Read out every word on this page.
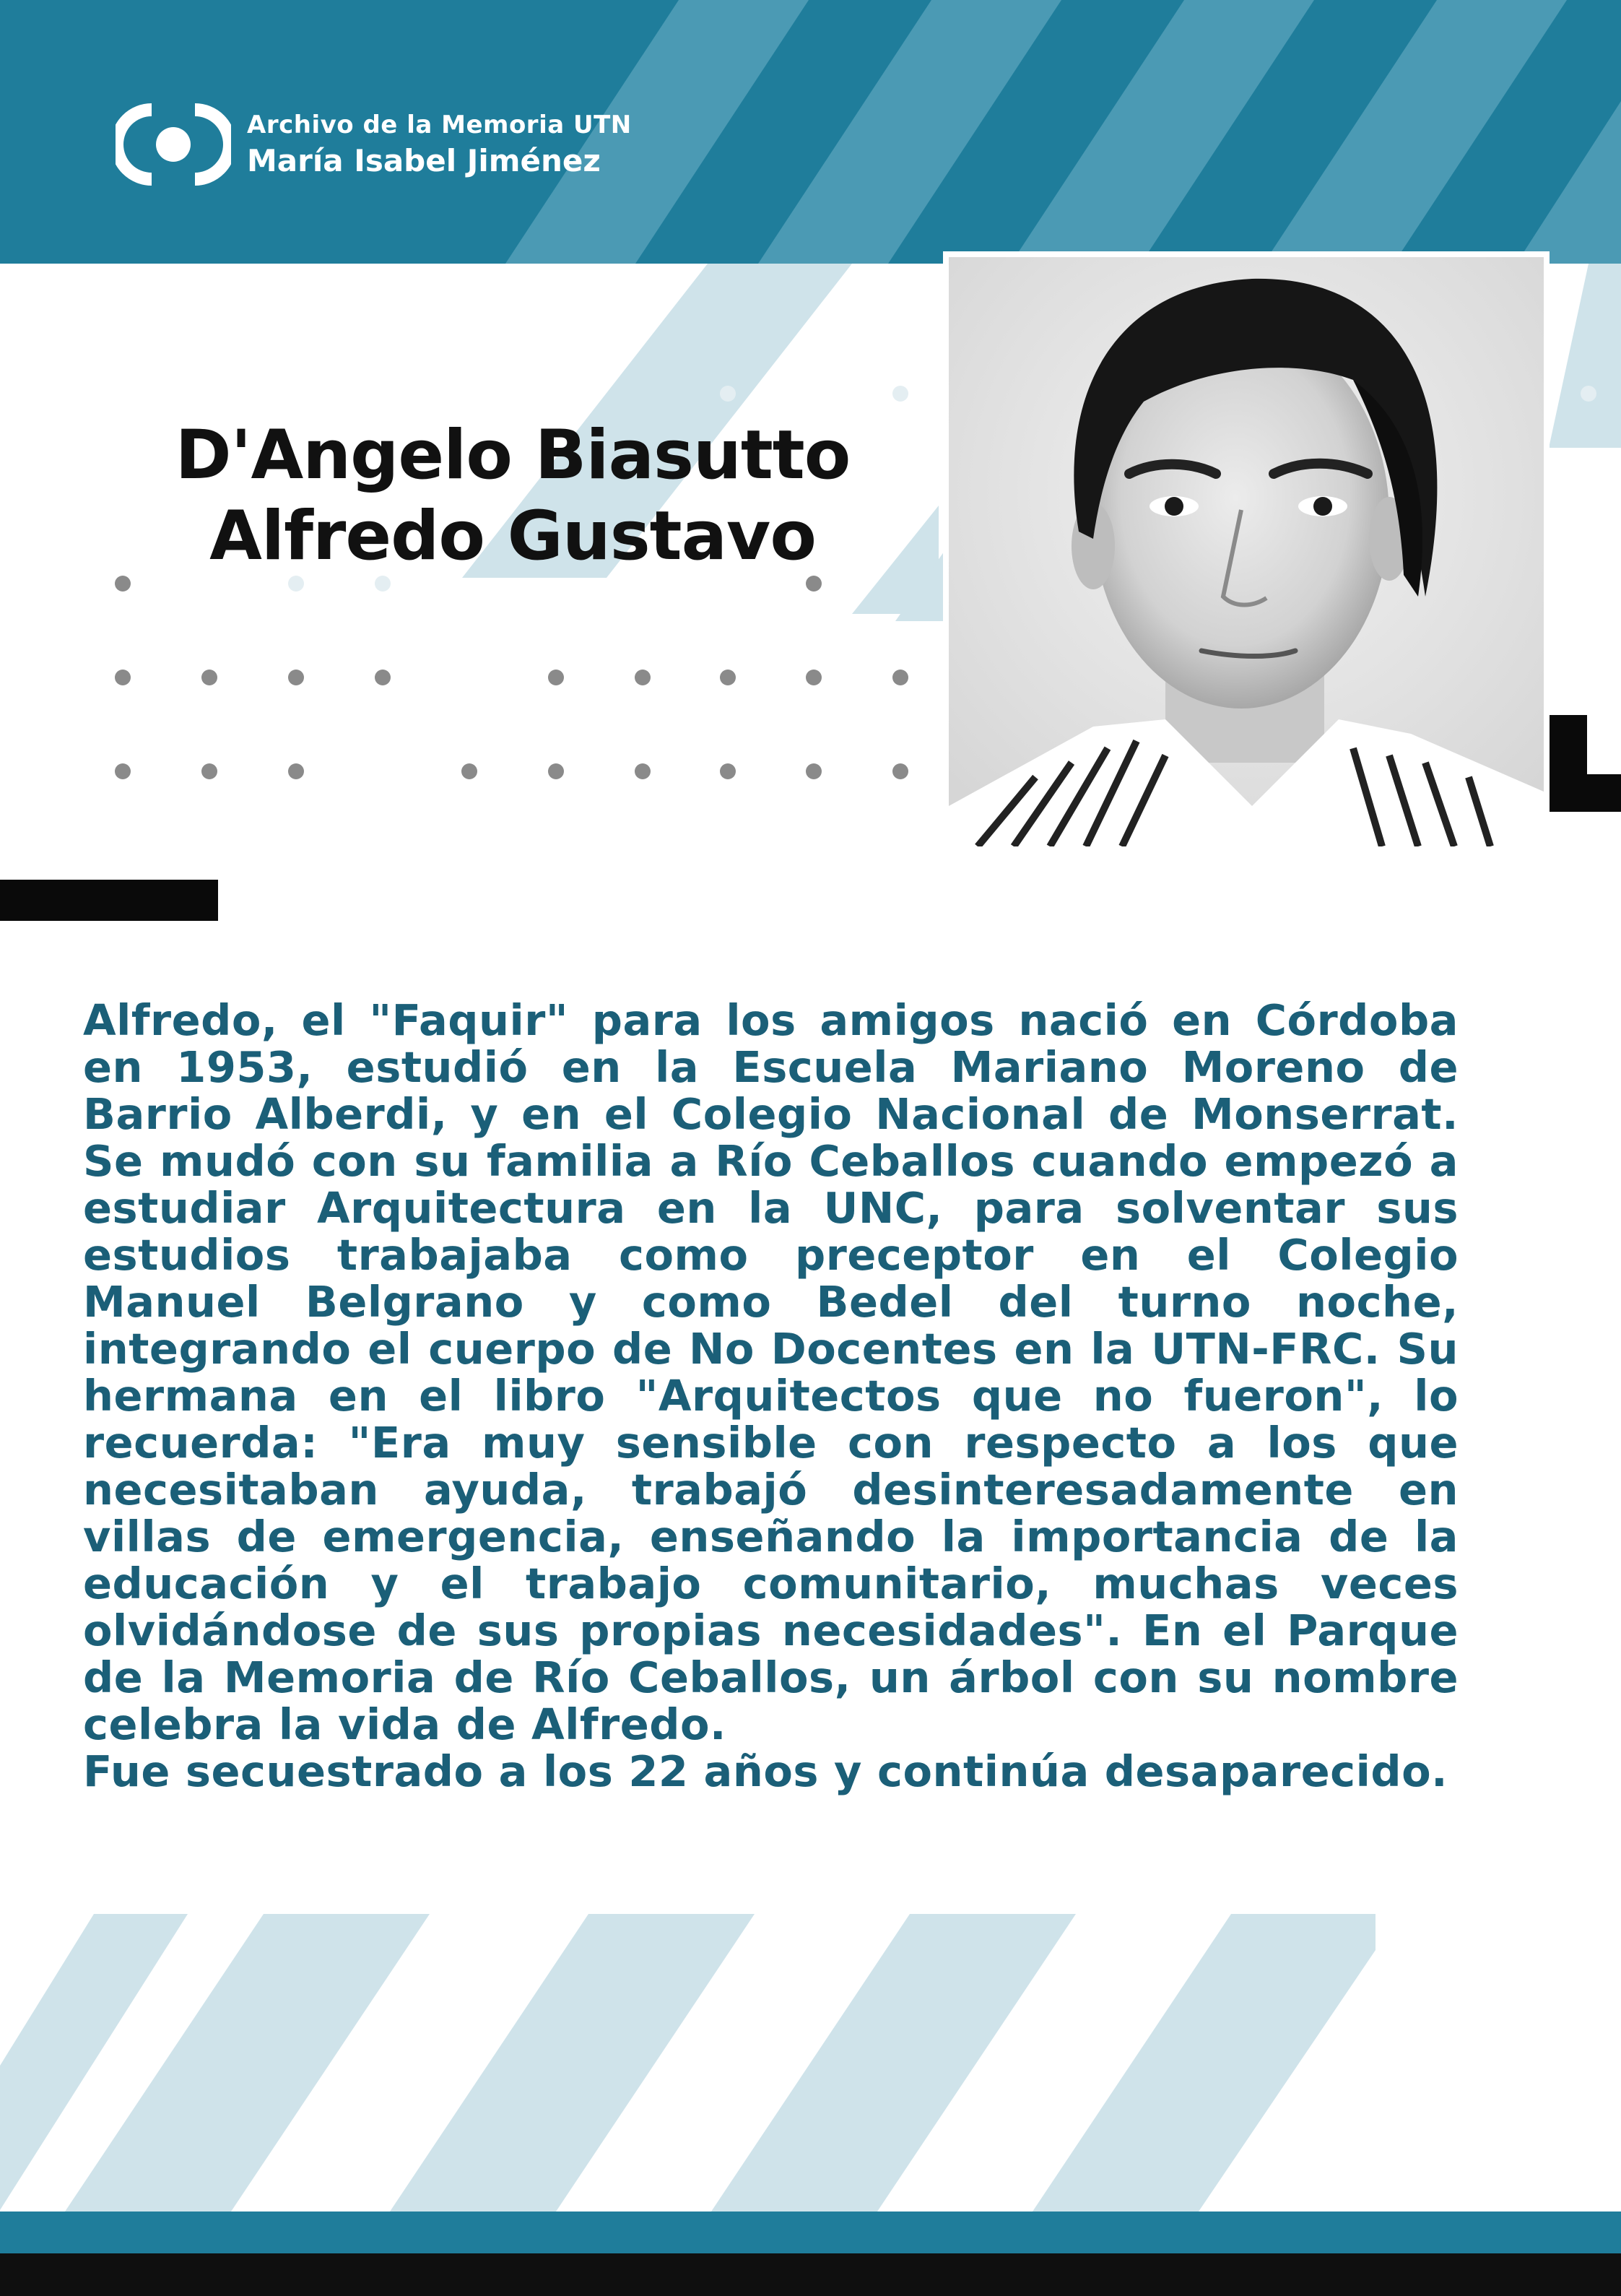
Archivo de la Memoria UTN
María Isabel Jiménez
D'Angelo Biasutto
Alfredo Gustavo

Alfredo, el "Faquir" para los amigos nació en Córdoba en 1953, estudió en la Escuela Mariano Moreno de Barrio Alberdi, y en el Colegio Nacional de Monserrat. Se mudó con su familia a Río Ceballos cuando empezó a estudiar Arquitectura en la UNC, para solventar sus estudios trabajaba como preceptor en el Colegio Manuel Belgrano y como Bedel del turno noche, integrando el cuerpo de No Docentes en la UTN-FRC. Su hermana en el libro "Arquitectos que no fueron", lo recuerda: "Era muy sensible con respecto a los que necesitaban ayuda, trabajó desinteresadamente en villas de emergencia, enseñando la importancia de la educación y el trabajo comunitario, muchas veces olvidándose de sus propias necesidades". En el Parque de la Memoria de Río Ceballos, un árbol con su nombre celebra la vida de Alfredo.

Fue secuestrado a los 22 años y continúa desaparecido.
